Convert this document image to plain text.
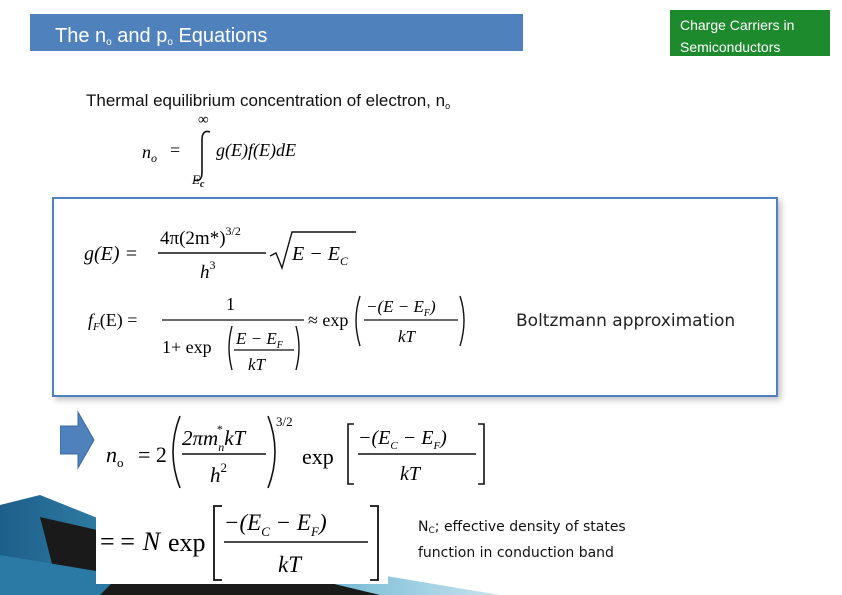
The $n_o$ and $p_o$ Equations	Charge Carriers in
Semiconductors
Thermal equilibrium concentration of electron, $n_o$
$n_o$ =
∞
$E_c$
g(E)f(E)dE
g(E) =
$4\pi(2m*)^{3/2}$
$h^3$	$E - E_C$
$f_F(E)$ =
1
$1+ \exp E - E_F$
kT
≈ exp
$-(E - E_F)$
kT
Boltzmann approximation
$n_o = 2$
$2\pi m_n*kT$
$h^2$
3/2
exp
$-(E_C - E_F)$
kT
= = N exp
$-(E_C - E_F)$
kT
$N_C$; effective density of states
function in conduction band
